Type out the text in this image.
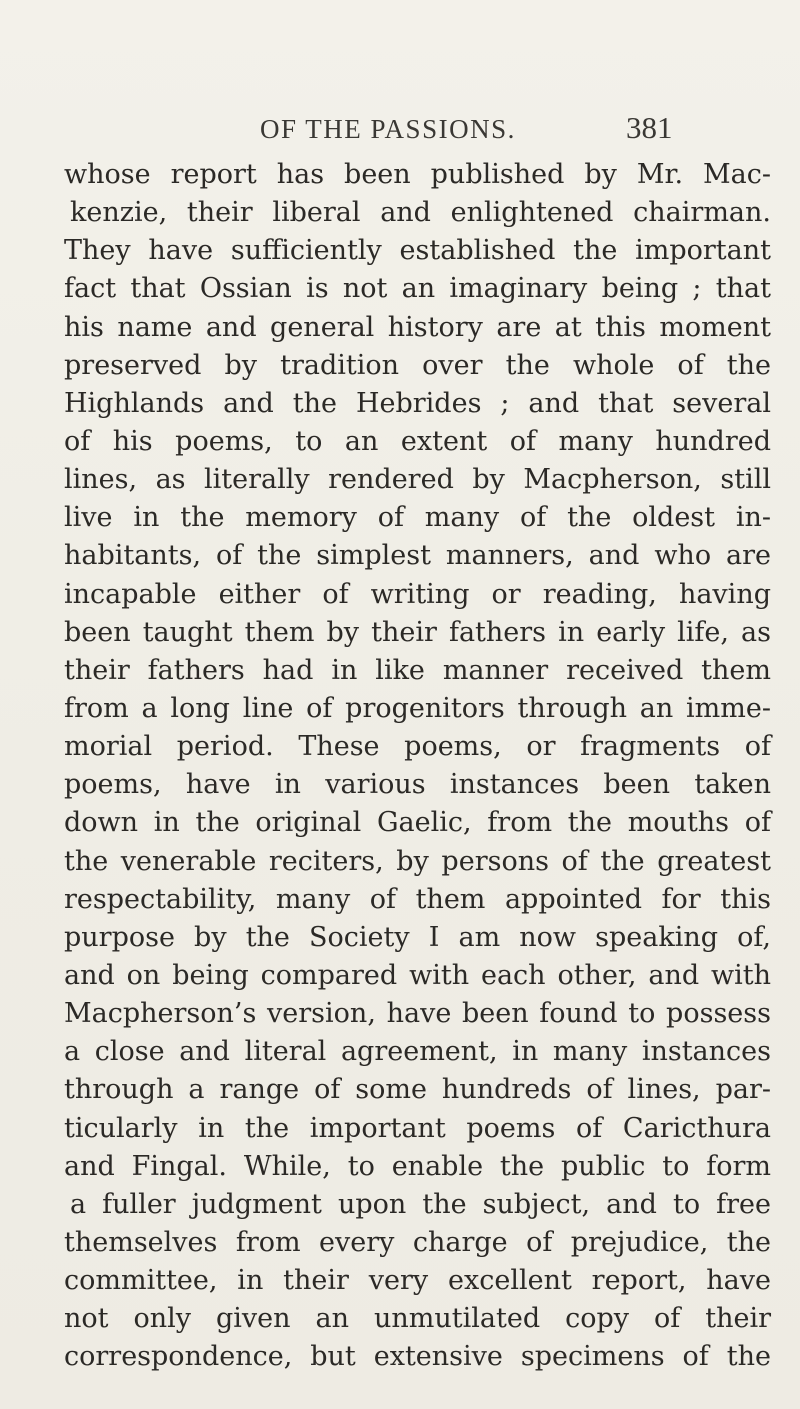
OF THE PASSIONS.	381
whose report has been published by Mr. Mac-
kenzie, their liberal and enlightened chairman.
They have sufficiently established the important
fact that Ossian is not an imaginary being ; that
his name and general history are at this moment
preserved by tradition over the whole of the
Highlands and the Hebrides ; and that several
of his poems, to an extent of many hundred
lines, as literally rendered by Macpherson, still
live in the memory of many of the oldest in-
habitants, of the simplest manners, and who are
incapable either of writing or reading, having
been taught them by their fathers in early life, as
their fathers had in like manner received them
from a long line of progenitors through an imme-
morial period. These poems, or fragments of
poems, have in various instances been taken
down in the original Gaelic, from the mouths of
the venerable reciters, by persons of the greatest
respectability, many of them appointed for this
purpose by the Society I am now speaking of,
and on being compared with each other, and with
Macpherson’s version, have been found to possess
a close and literal agreement, in many instances
through a range of some hundreds of lines, par-
ticularly in the important poems of Caricthura
and Fingal. While, to enable the public to form
a fuller judgment upon the subject, and to free
themselves from every charge of prejudice, the
committee, in their very excellent report, have
not only given an unmutilated copy of their
correspondence, but extensive specimens of the
